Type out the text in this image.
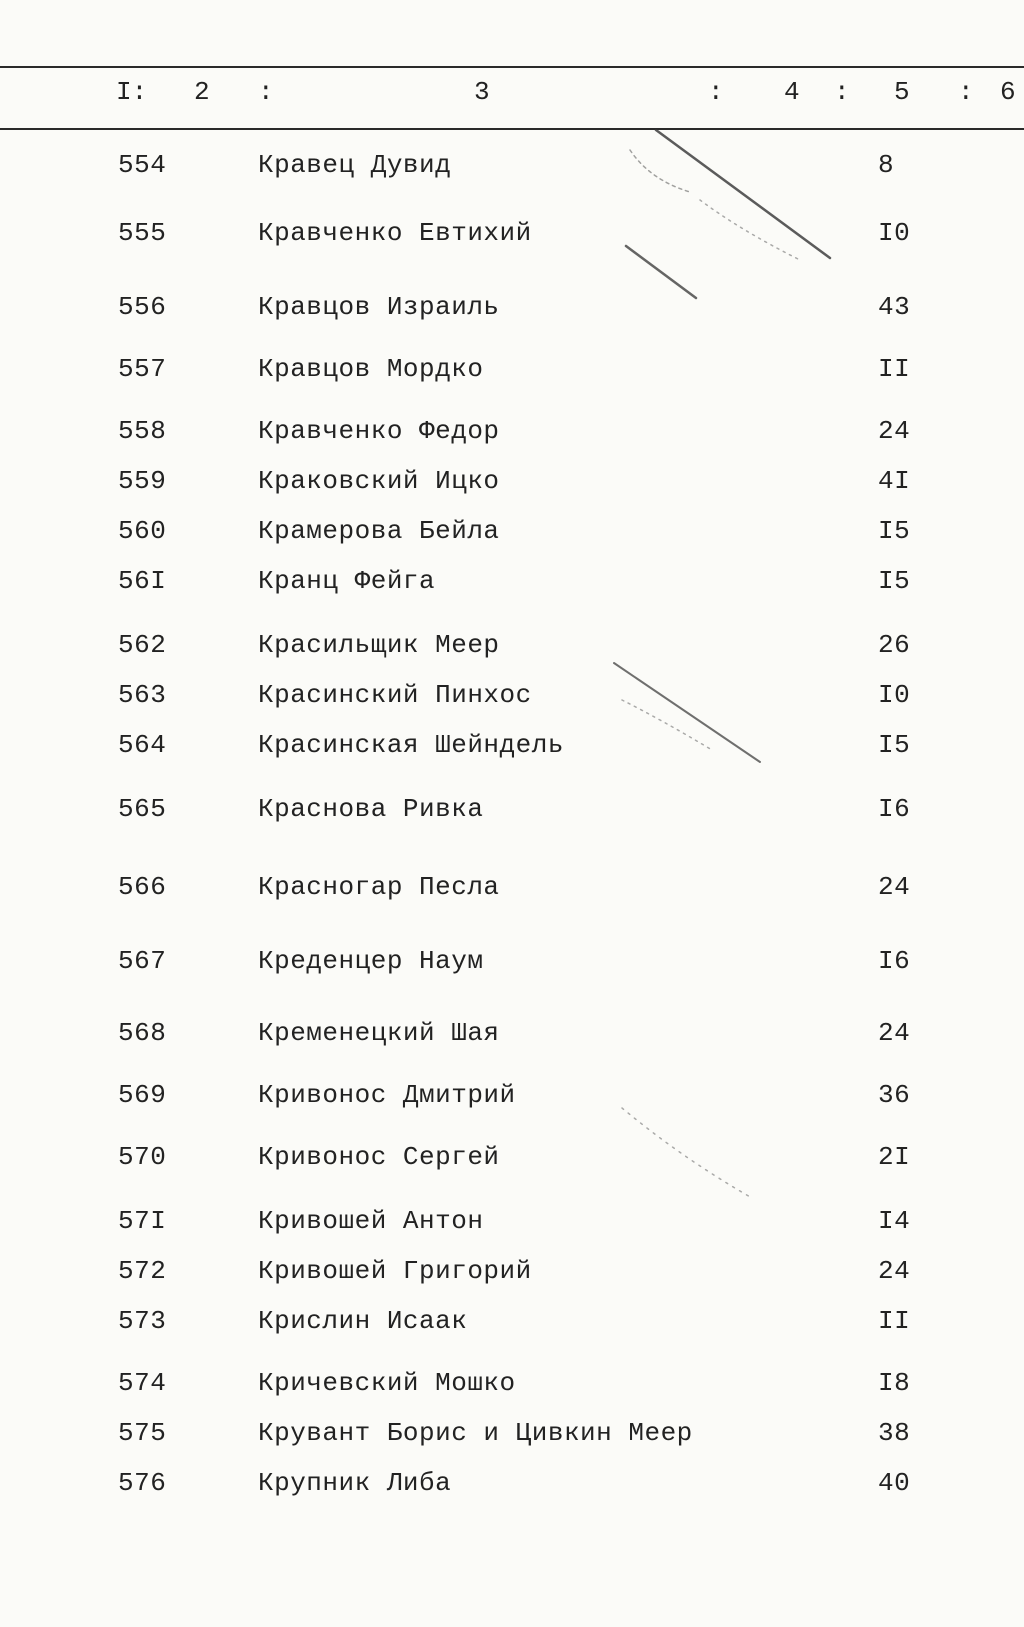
I: 2 :	3	: 4 : 5 : 6
554	Кравец Дувид	8
555	Кравченко Евтихий	I0
556	Кравцов Израиль	43
557	Кравцов Мордко	II
558	Кравченко Федор	24
559	Краковский Ицко	4I
560	Крамерова Бейла	I5
56I	Кранц Фейга	I5
562	Красильщик Меер	26
563	Красинский Пинхос	I0
564	Красинская Шейндель	I5
565	Краснова Ривка	I6
566	Красногар Песла	24
567	Креденцер Наум	I6
568	Кременецкий Шая	24
569	Кривонос Дмитрий	36
570	Кривонос Сергей	2I
57I	Кривошей Антон	I4
572	Кривошей Григорий	24
573	Крислин Исаак	II
574	Кричевский Мошко	I8
575	Крувант Борис и Цивкин Меер	38
576	Крупник Либа	40
